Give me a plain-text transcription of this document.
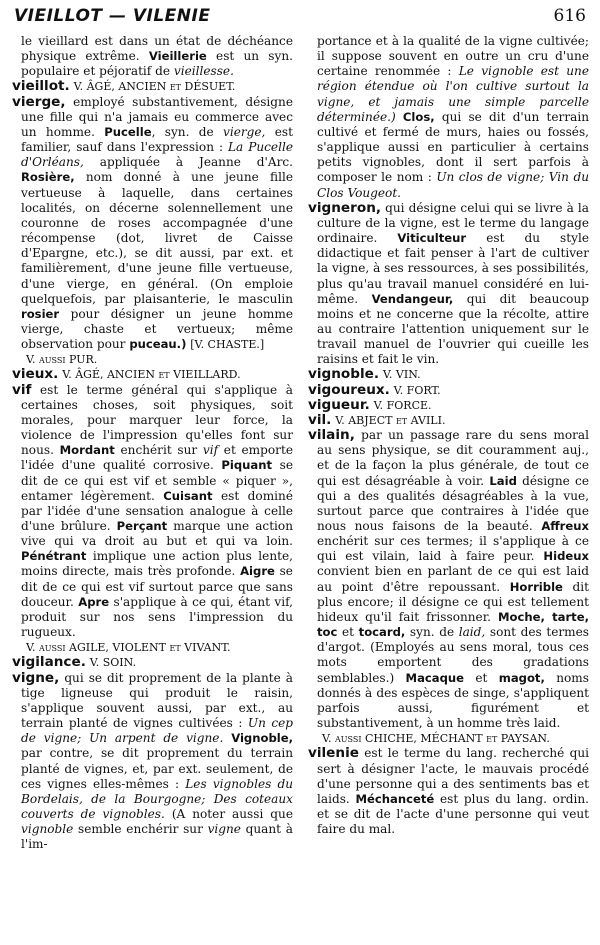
VIEILLOT — VILENIE	616

le vieillard est dans un état de déchéance physique extrême. Vieillerie est un syn. populaire et péjoratif de vieillesse.

vieillot. V. ÂGÉ, ANCIEN et DÉSUET.

vierge, employé substantivement, désigne une fille qui n'a jamais eu commerce avec un homme. Pucelle, syn. de vierge, est familier, sauf dans l'expression : La Pucelle d'Orléans, appliquée à Jeanne d'Arc. Rosière, nom donné à une jeune fille vertueuse à laquelle, dans certaines localités, on décerne solennellement une couronne de roses accompagnée d'une récompense (dot, livret de Caisse d'Epargne, etc.), se dit aussi, par ext. et familièrement, d'une jeune fille vertueuse, d'une vierge, en général. (On emploie quelquefois, par plaisanterie, le masculin rosier pour désigner un jeune homme vierge, chaste et vertueux; même observation pour puceau.) [V. CHASTE.]

V. aussi PUR.

vieux. V. ÂGÉ, ANCIEN et VIEILLARD.

vif est le terme général qui s'applique à certaines choses, soit physiques, soit morales, pour marquer leur force, la violence de l'impression qu'elles font sur nous. Mordant enchérit sur vif et emporte l'idée d'une qualité corrosive. Piquant se dit de ce qui est vif et semble « piquer », entamer légèrement. Cuisant est dominé par l'idée d'une sensation analogue à celle d'une brûlure. Perçant marque une action vive qui va droit au but et qui va loin. Pénétrant implique une action plus lente, moins directe, mais très profonde. Aigre se dit de ce qui est vif surtout parce que sans douceur. Apre s'applique à ce qui, étant vif, produit sur nos sens l'impression du rugueux.

V. aussi AGILE, VIOLENT et VIVANT.

vigilance. V. SOIN.

vigne, qui se dit proprement de la plante à tige ligneuse qui produit le raisin, s'applique souvent aussi, par ext., au terrain planté de vignes cultivées : Un cep de vigne; Un arpent de vigne. Vignoble, par contre, se dit proprement du terrain planté de vignes, et, par ext. seulement, de ces vignes elles-mêmes : Les vignobles du Bordelais, de la Bourgogne; Des coteaux couverts de vignobles. (A noter aussi que vignoble semble enchérir sur vigne quant à l'im-

portance et à la qualité de la vigne cultivée; il suppose souvent en outre un cru d'une certaine renommée : Le vignoble est une région étendue où l'on cultive surtout la vigne, et jamais une simple parcelle déterminée.) Clos, qui se dit d'un terrain cultivé et fermé de murs, haies ou fossés, s'applique aussi en particulier à certains petits vignobles, dont il sert parfois à composer le nom : Un clos de vigne; Vin du Clos Vougeot.

vigneron, qui désigne celui qui se livre à la culture de la vigne, est le terme du langage ordinaire. Viticulteur est du style didactique et fait penser à l'art de cultiver la vigne, à ses ressources, à ses possibilités, plus qu'au travail manuel considéré en lui-même. Vendangeur, qui dit beaucoup moins et ne concerne que la récolte, attire au contraire l'attention uniquement sur le travail manuel de l'ouvrier qui cueille les raisins et fait le vin.

vignoble. V. VIN.

vigoureux. V. FORT.

vigueur. V. FORCE.

vil. V. ABJECT et AVILI.

vilain, par un passage rare du sens moral au sens physique, se dit couramment auj., et de la façon la plus générale, de tout ce qui est désagréable à voir. Laid désigne ce qui a des qualités désagréables à la vue, surtout parce que contraires à l'idée que nous nous faisons de la beauté. Affreux enchérit sur ces termes; il s'applique à ce qui est vilain, laid à faire peur. Hideux convient bien en parlant de ce qui est laid au point d'être repoussant. Horrible dit plus encore; il désigne ce qui est tellement hideux qu'il fait frissonner. Moche, tarte, toc et tocard, syn. de laid, sont des termes d'argot. (Employés au sens moral, tous ces mots emportent des gradations semblables.) Macaque et magot, noms donnés à des espèces de singe, s'appliquent parfois aussi, figurément et substantivement, à un homme très laid.

V. aussi CHICHE, MÉCHANT et PAYSAN.

vilenie est le terme du lang. recherché qui sert à désigner l'acte, le mauvais procédé d'une personne qui a des sentiments bas et laids. Méchanceté est plus du lang. ordin. et se dit de l'acte d'une personne qui veut faire du mal.
